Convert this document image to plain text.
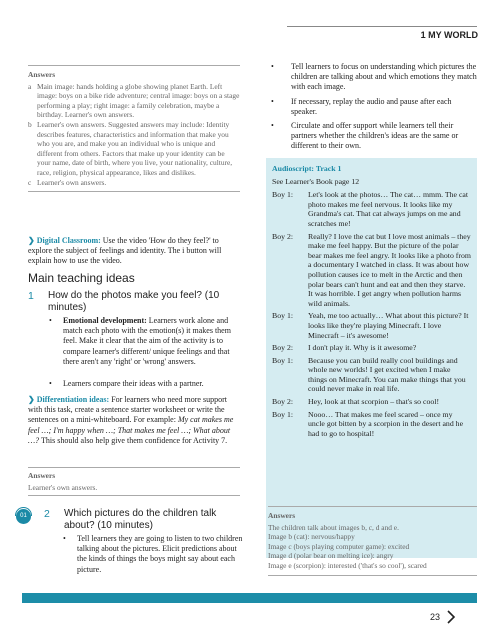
1 MY WORLD
Answers
a Main image: hands holding a globe showing planet Earth. Left image: boys on a bike ride adventure; central image: boys on a stage performing a play; right image: a family celebration, maybe a birthday. Learner's own answers.
b Learner's own answers. Suggested answers may include: Identity describes features, characteristics and information that make you who you are, and make you an individual who is unique and different from others. Factors that make up your identity can be your name, date of birth, where you live, your nationality, culture, race, religion, physical appearance, likes and dislikes.
c Learner's own answers.

❯ Digital Classroom: Use the video 'How do they feel?' to explore the subject of feelings and identity. The i button will explain how to use the video.

Main teaching ideas
1	How do the photos make you feel? (10 minutes)
•	Emotional development: Learners work alone and match each photo with the emotion(s) it makes them feel. Make it clear that the aim of the activity is to compare learner's different/ unique feelings and that there aren't any 'right' or 'wrong' answers.

•	Learners compare their ideas with a partner.

❯ Differentiation ideas: For learners who need more support with this task, create a sentence starter worksheet or write the sentences on a mini-whiteboard. For example: My cat makes me feel …; I'm happy when …; That makes me feel …; What about …? This should also help give them confidence for Activity 7.

Answers

Learner's own answers.

01	2	Which pictures do the children talk about? (10 minutes)
•	Tell learners they are going to listen to two children talking about the pictures. Elicit predictions about the kinds of things the boys might say about each picture.

•	Tell learners to focus on understanding which pictures the children are talking about and which emotions they match with each image.

•	If necessary, replay the audio and pause after each speaker.

•	Circulate and offer support while learners tell their partners whether the children's ideas are the same or different to their own.

Audioscript: Track 1
See Learner's Book page 12
Boy 1:	Let's look at the photos… The cat… mmm. The cat photo makes me feel nervous. It looks like my Grandma's cat. That cat always jumps on me and scratches me!
Boy 2:	Really? I love the cat but I love most animals – they make me feel happy. But the picture of the polar bear makes me feel angry. It looks like a photo from a documentary I watched in class. It was about how pollution causes ice to melt in the Arctic and then polar bears can't hunt and eat and then they starve. It was horrible. I get angry when pollution harms wild animals.
Boy 1:	Yeah, me too actually… What about this picture? It looks like they're playing Minecraft. I love Minecraft – it's awesome!
Boy 2:	I don't play it. Why is it awesome?
Boy 1:	Because you can build really cool buildings and whole new worlds! I get excited when I make things on Minecraft. You can make things that you could never make in real life.
Boy 2:	Hey, look at that scorpion – that's so cool!
Boy 1:	Nooo… That makes me feel scared – once my uncle got bitten by a scorpion in the desert and he had to go to hospital!
Answers

The children talk about images b, c, d and e.

Image b (cat): nervous/happy

Image c (boys playing computer game): excited

Image d (polar bear on melting ice): angry

Image e (scorpion): interested ('that's so cool'), scared

23
